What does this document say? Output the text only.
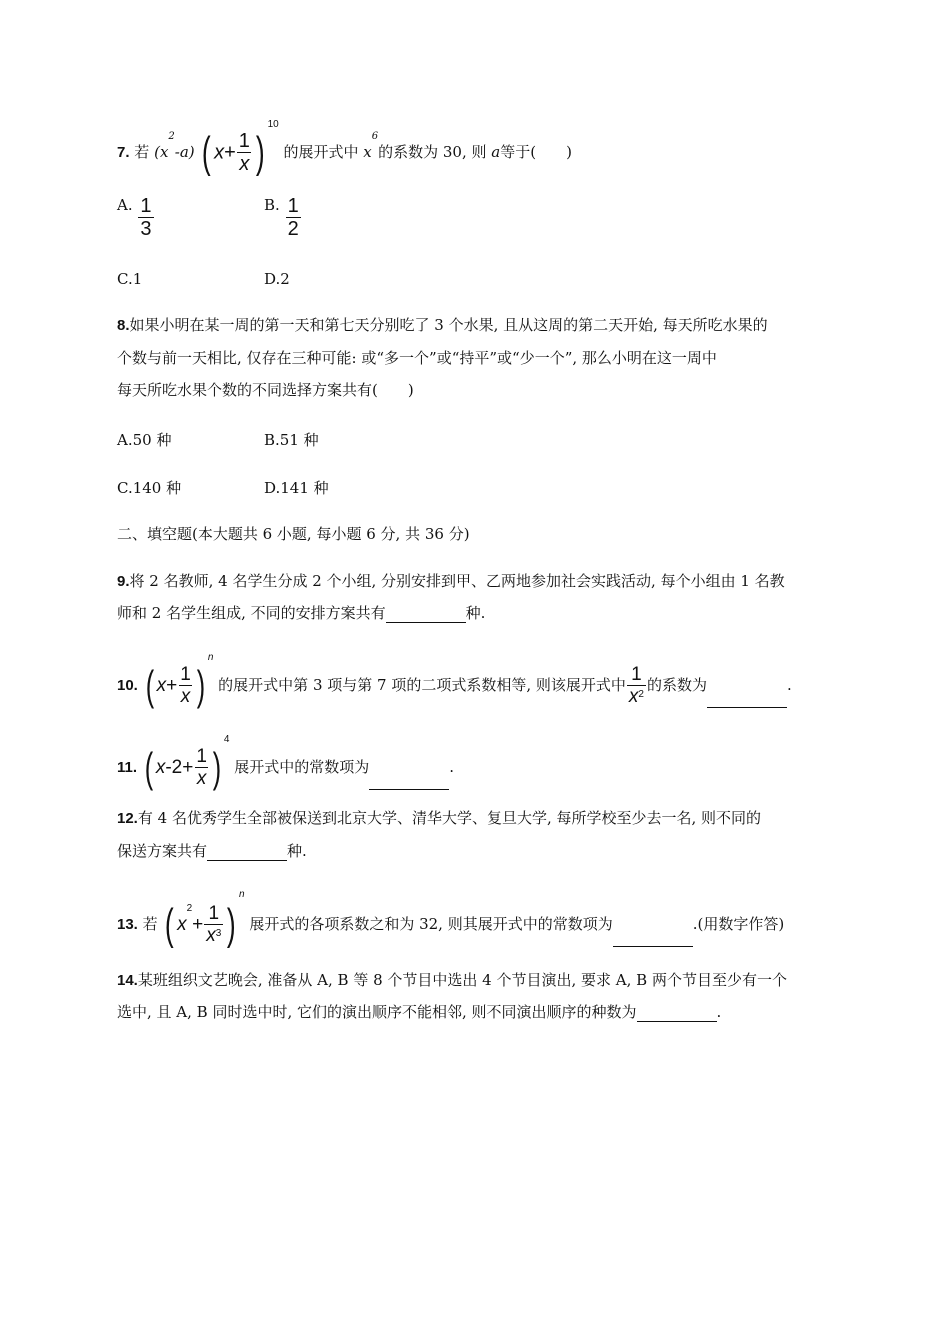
7. 若 $(x^2-a)$ ( $x+ \frac{1}{x} )^{10}$ 的展开式中 $x^6$的系数为 30, 则 a等于(　　)
A. $\frac{1}{3}$	B. $\frac{1}{2}$
C.1	D.2
8.如果小明在某一周的第一天和第七天分别吃了 3 个水果, 且从这周的第二天开始, 每天所吃水果的
个数与前一天相比, 仅存在三种可能: 或“多一个”或“持平”或“少一个”, 那么小明在这一周中
每天所吃水果个数的不同选择方案共有(　　)
A.50 种	B.51 种
C.140 种	D.141 种
二、填空题(本大题共 6 小题, 每小题 6 分, 共 36 分)
9.将 2 名教师, 4 名学生分成 2 个小组, 分别安排到甲、乙两地参加社会实践活动, 每个小组由 1 名教
师和 2 名学生组成, 不同的安排方案共有	种.
10. ( $x+ \frac{1}{x} )^n$ 的展开式中第 3 项与第 7 项的二项式系数相等, 则该展开式中 $\frac{1}{x^2}$ 的系数为	.
11. ( $x-2+ \frac{1}{x} )^4$ 展开式中的常数项为	.
12.有 4 名优秀学生全部被保送到北京大学、清华大学、复旦大学, 每所学校至少去一名, 则不同的
保送方案共有	种.
13. 若 ( $x^2+ \frac{1}{x^3} )^n$ 展开式的各项系数之和为 32, 则其展开式中的常数项为	.(用数字作答)
14.某班组织文艺晚会, 准备从 A, B 等 8 个节目中选出 4 个节目演出, 要求 A, B 两个节目至少有一个
选中, 且 A, B 同时选中时, 它们的演出顺序不能相邻, 则不同演出顺序的种数为	.
